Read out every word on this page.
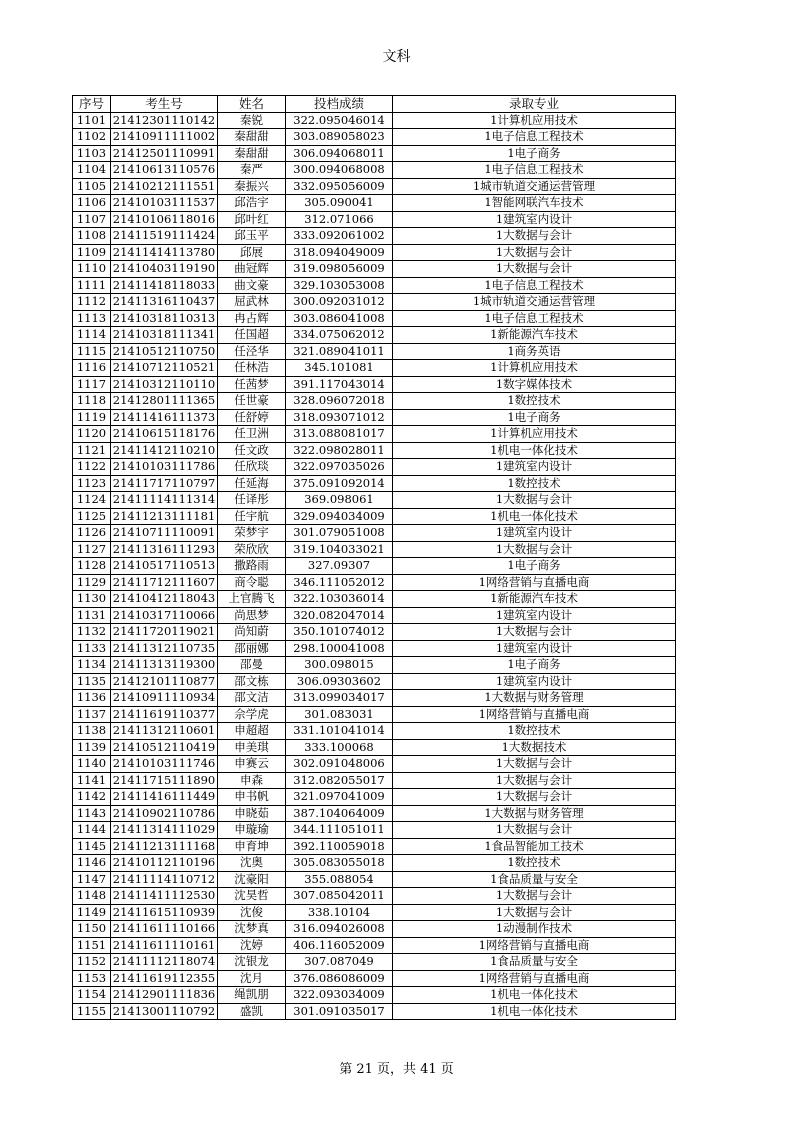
文科
序号	考生号	姓名	投档成绩	录取专业
1101	21412301110142	秦锐	322.095046014	1计算机应用技术
1102	21410911111002	秦甜甜	303.089058023	1电子信息工程技术
1103	21412501110991	秦甜甜	306.094068011	1电子商务
1104	21410613110576	秦严	300.094068008	1电子信息工程技术
1105	21410212111551	秦振兴	332.095056009	1城市轨道交通运营管理
1106	21410103111537	邱浩宇	305.090041	1智能网联汽车技术
1107	21410106118016	邱叶红	312.071066	1建筑室内设计
1108	21411519111424	邱玉平	333.092061002	1大数据与会计
1109	21411414113780	邱展	318.094049009	1大数据与会计
1110	21410403119190	曲冠辉	319.098056009	1大数据与会计
1111	21411418118033	曲文豪	329.103053008	1电子信息工程技术
1112	21411316110437	屈武林	300.092031012	1城市轨道交通运营管理
1113	21410318110313	冉占辉	303.086041008	1电子信息工程技术
1114	21410318111341	任国超	334.075062012	1新能源汽车技术
1115	21410512110750	任泾华	321.089041011	1商务英语
1116	21410712110521	任林浩	345.101081	1计算机应用技术
1117	21410312110110	任茜梦	391.117043014	1数字媒体技术
1118	21412801111365	任世豪	328.096072018	1数控技术
1119	21411416111373	任舒婷	318.093071012	1电子商务
1120	21410615118176	任卫洲	313.088081017	1计算机应用技术
1121	21411412110210	任文政	322.098028011	1机电一体化技术
1122	21410103111786	任欣琰	322.097035026	1建筑室内设计
1123	21411717110797	任延海	375.091092014	1数控技术
1124	21411114111314	任译彤	369.098061	1大数据与会计
1125	21411213111181	任宇航	329.094034009	1机电一体化技术
1126	21410711110091	荣梦宇	301.079051008	1建筑室内设计
1127	21411316111293	荣欣欣	319.104033021	1大数据与会计
1128	21410517110513	撒路雨	327.09307	1电子商务
1129	21411712111607	商令聪	346.111052012	1网络营销与直播电商
1130	21410412118043	上官腾飞	322.103036014	1新能源汽车技术
1131	21410317110066	尚思梦	320.082047014	1建筑室内设计
1132	21411720119021	尚知蔚	350.101074012	1大数据与会计
1133	21411312110735	邵丽娜	298.100041008	1建筑室内设计
1134	21411313119300	邵曼	300.098015	1电子商务
1135	21412101110877	邵文栋	306.09303602	1建筑室内设计
1136	21410911110934	邵文洁	313.099034017	1大数据与财务管理
1137	21411619110377	佘学虎	301.083031	1网络营销与直播电商
1138	21411312110601	申超超	331.101041014	1数控技术
1139	21410512110419	申美琪	333.100068	1大数据技术
1140	21410103111746	申赛云	302.091048006	1大数据与会计
1141	21411715111890	申森	312.082055017	1大数据与会计
1142	21411416111449	申书帆	321.097041009	1大数据与会计
1143	21410902110786	申晓茹	387.104064009	1大数据与财务管理
1144	21411314111029	申璇瑜	344.111051011	1大数据与会计
1145	21411213111168	申育坤	392.110059018	1食品智能加工技术
1146	21410112110196	沈奥	305.083055018	1数控技术
1147	21411114110712	沈豪阳	355.088054	1食品质量与安全
1148	21411411112530	沈昊哲	307.085042011	1大数据与会计
1149	21411615110939	沈俊	338.10104	1大数据与会计
1150	21411611110166	沈梦真	316.094026008	1动漫制作技术
1151	21411611110161	沈婷	406.116052009	1网络营销与直播电商
1152	21411112118074	沈银龙	307.087049	1食品质量与安全
1153	21411619112355	沈月	376.086086009	1网络营销与直播电商
1154	21412901111836	绳凯朋	322.093034009	1机电一体化技术
1155	21413001110792	盛凯	301.091035017	1机电一体化技术
第 21 页，共 41 页
